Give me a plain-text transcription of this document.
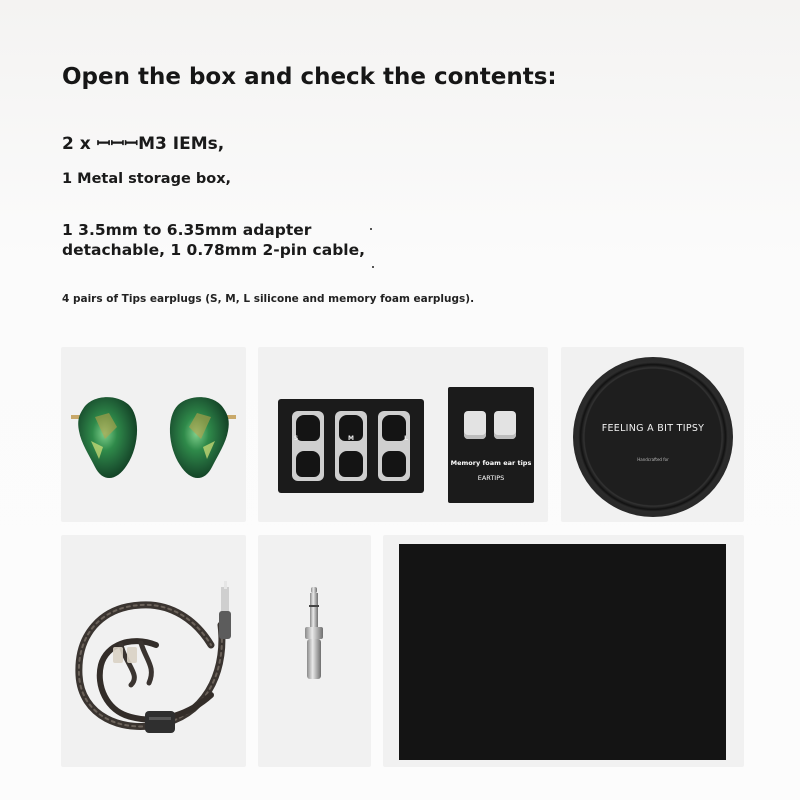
Open the box and check the contents:

2 x ꟷꟷꟷM3 IEMs,

1 Metal storage box,

1 3.5mm to 6.35mm adapter

detachable, 1 0.78mm 2-pin cable,

4 pairs of Tips earplugs (S, M, L silicone and memory foam earplugs).

S	M	L
Memory foam ear tips
EARTIPS
FEELING A BIT TIPSY
Handcrafted for
